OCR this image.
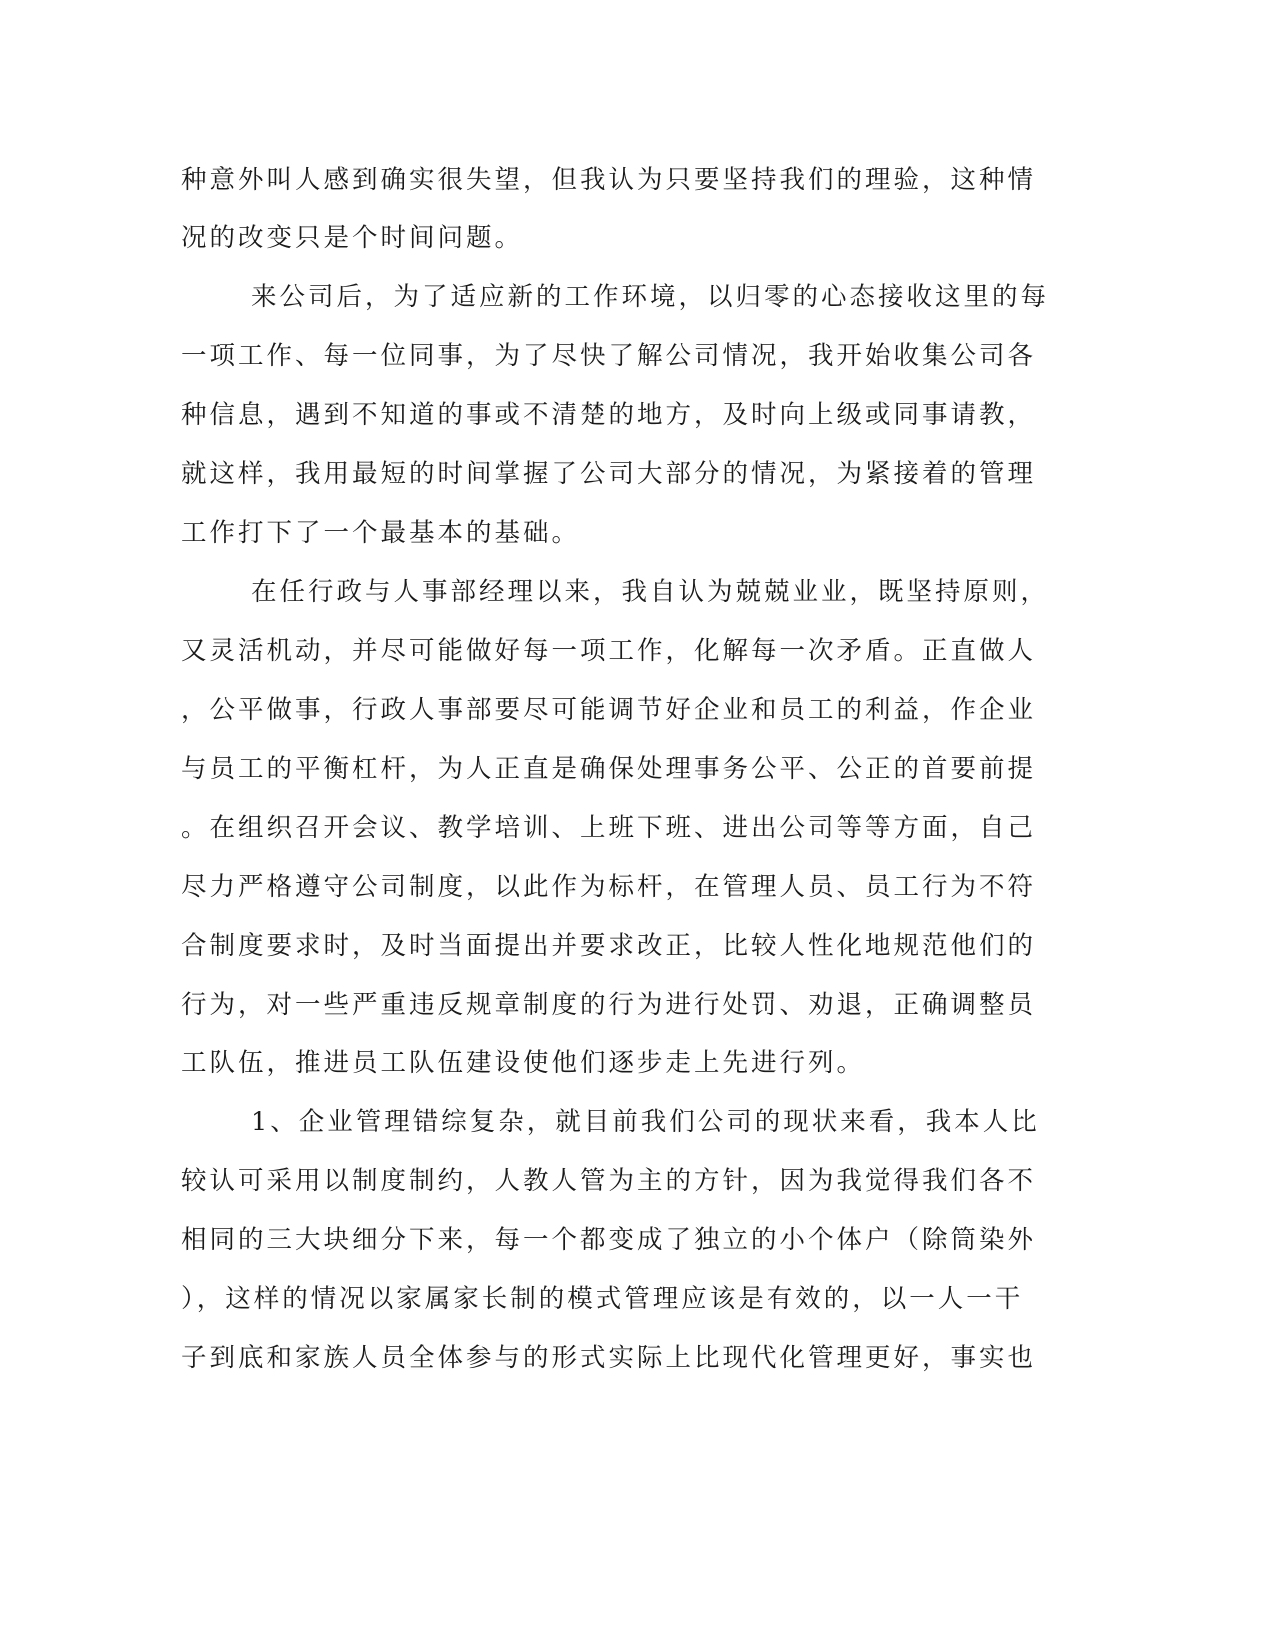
种意外叫人感到确实很失望，但我认为只要坚持我们的理验，这种情
况的改变只是个时间问题。
来公司后，为了适应新的工作环境，以归零的心态接收这里的每
一项工作、每一位同事，为了尽快了解公司情况，我开始收集公司各
种信息，遇到不知道的事或不清楚的地方，及时向上级或同事请教，
就这样，我用最短的时间掌握了公司大部分的情况，为紧接着的管理
工作打下了一个最基本的基础。
在任行政与人事部经理以来，我自认为兢兢业业，既坚持原则，
又灵活机动，并尽可能做好每一项工作，化解每一次矛盾。正直做人
，公平做事，行政人事部要尽可能调节好企业和员工的利益，作企业
与员工的平衡杠杆，为人正直是确保处理事务公平、公正的首要前提
。在组织召开会议、教学培训、上班下班、进出公司等等方面，自己
尽力严格遵守公司制度，以此作为标杆，在管理人员、员工行为不符
合制度要求时，及时当面提出并要求改正，比较人性化地规范他们的
行为，对一些严重违反规章制度的行为进行处罚、劝退，正确调整员
工队伍，推进员工队伍建设使他们逐步走上先进行列。
1、企业管理错综复杂，就目前我们公司的现状来看，我本人比
较认可采用以制度制约，人教人管为主的方针，因为我觉得我们各不
相同的三大块细分下来，每一个都变成了独立的小个体户（除筒染外
），这样的情况以家属家长制的模式管理应该是有效的，以一人一干
子到底和家族人员全体参与的形式实际上比现代化管理更好，事实也
